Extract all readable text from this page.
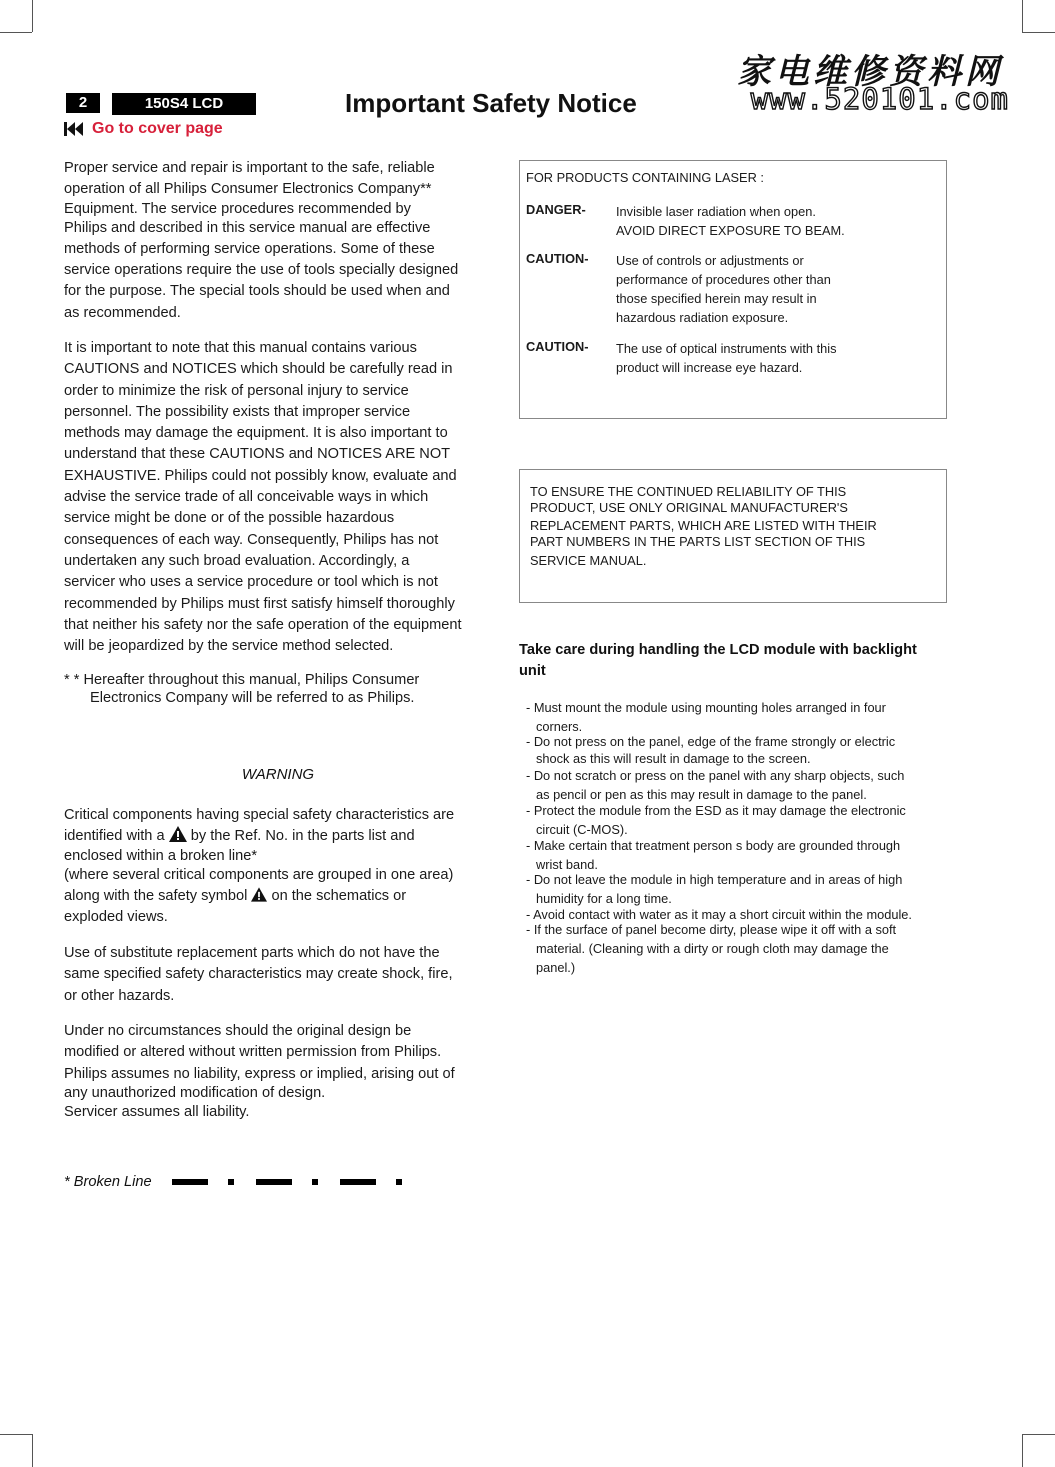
2	150S4 LCD	Important Safety Notice
家电维修资料网
www.520101.com
Go to cover page

Proper service and repair is important to the safe, reliable

operation of all Philips Consumer Electronics Company**

Equipment. The service procedures recommended by

Philips and described in this service manual are effective

methods of performing service operations. Some of these

service operations require the use of tools specially designed

for the purpose. The special tools should be used when and

as recommended.

It is important to note that this manual contains various

CAUTIONS and NOTICES which should be carefully read in

order to minimize the risk of personal injury to service

personnel. The possibility exists that improper service

methods may damage the equipment. It is also important to

understand that these CAUTIONS and NOTICES ARE NOT

EXHAUSTIVE. Philips could not possibly know, evaluate and

advise the service trade of all conceivable ways in which

service might be done or of the possible hazardous

consequences of each way. Consequently, Philips has not

undertaken any such broad evaluation. Accordingly, a

servicer who uses a service procedure or tool which is not

recommended by Philips must first satisfy himself thoroughly

that neither his safety nor the safe operation of the equipment

will be jeopardized by the service method selected.

* * Hereafter throughout this manual, Philips Consumer

Electronics Company will be referred to as Philips.

WARNING

Critical components having special safety characteristics are

identified with a by the Ref. No. in the parts list and

enclosed within a broken line*

(where several critical components are grouped in one area)

along with the safety symbol on the schematics or

exploded views.

Use of substitute replacement parts which do not have the

same specified safety characteristics may create shock, fire,

or other hazards.

Under no circumstances should the original design be

modified or altered without written permission from Philips.

Philips assumes no liability, express or implied, arising out of

any unauthorized modification of design.

Servicer assumes all liability.

* Broken Line
FOR PRODUCTS CONTAINING LASER :
DANGER-	Invisible laser radiation when open.
AVOID DIRECT EXPOSURE TO BEAM.
CAUTION-	Use of controls or adjustments or
performance of procedures other than
those specified herein may result in
hazardous radiation exposure.
CAUTION-	The use of optical instruments with this
product will increase eye hazard.
TO ENSURE THE CONTINUED RELIABILITY OF THIS
PRODUCT, USE ONLY ORIGINAL MANUFACTURER'S
REPLACEMENT PARTS, WHICH ARE LISTED WITH THEIR
PART NUMBERS IN THE PARTS LIST SECTION OF THIS
SERVICE MANUAL.
Take care during handling the LCD module with backlight
unit
- Must mount the module using mounting holes arranged in four
corners.
- Do not press on the panel, edge of the frame strongly or electric
shock as this will result in damage to the screen.
- Do not scratch or press on the panel with any sharp objects, such
as pencil or pen as this may result in damage to the panel.
- Protect the module from the ESD as it may damage the electronic
circuit (C-MOS).
- Make certain that treatment person s body are grounded through
wrist band.
- Do not leave the module in high temperature and in areas of high
humidity for a long time.
- Avoid contact with water as it may a short circuit within the module.
- If the surface of panel become dirty, please wipe it off with a soft
material. (Cleaning with a dirty or rough cloth may damage the
panel.)
